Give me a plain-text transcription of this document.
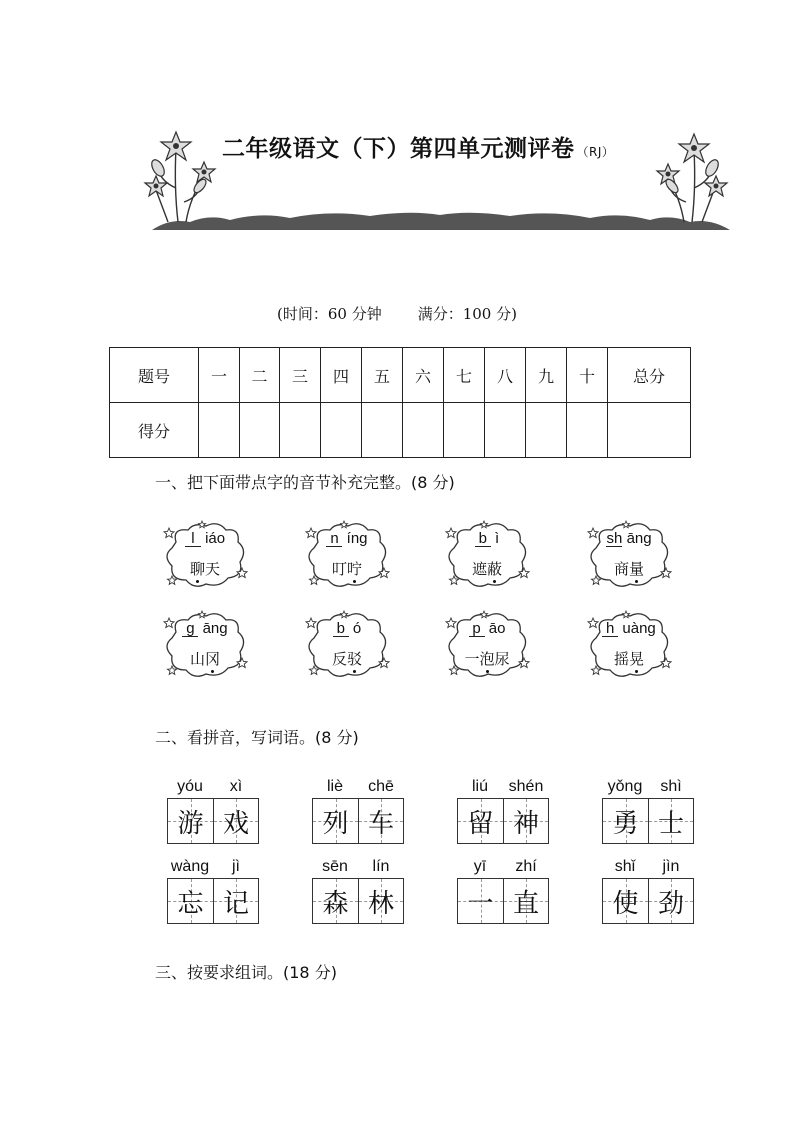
二年级语文（下）第四单元测评卷 （RJ）
(时间：60 分钟 满分：100 分)
题号	一	二	三	四	五	六	七	八	九	十	总分
得分											
一、把下面带点字的音节补充完整。(8 分)
l iáo
聊天
n íng
叮咛
b ì
遮蔽
sh āng
商量
g āng
山冈
b ó
反驳
p āo
一泡尿
h uàng
摇晃
二、看拼音，写词语。(8 分)
yóu	xì
游 戏
liè	chē
列 车
liú	shén
留 神
yǒng	shì
勇 士
wàng	jì
忘 记
sēn	lín
森 林
yī	zhí
一 直
shǐ	jìn
使 劲
三、按要求组词。(18 分)
